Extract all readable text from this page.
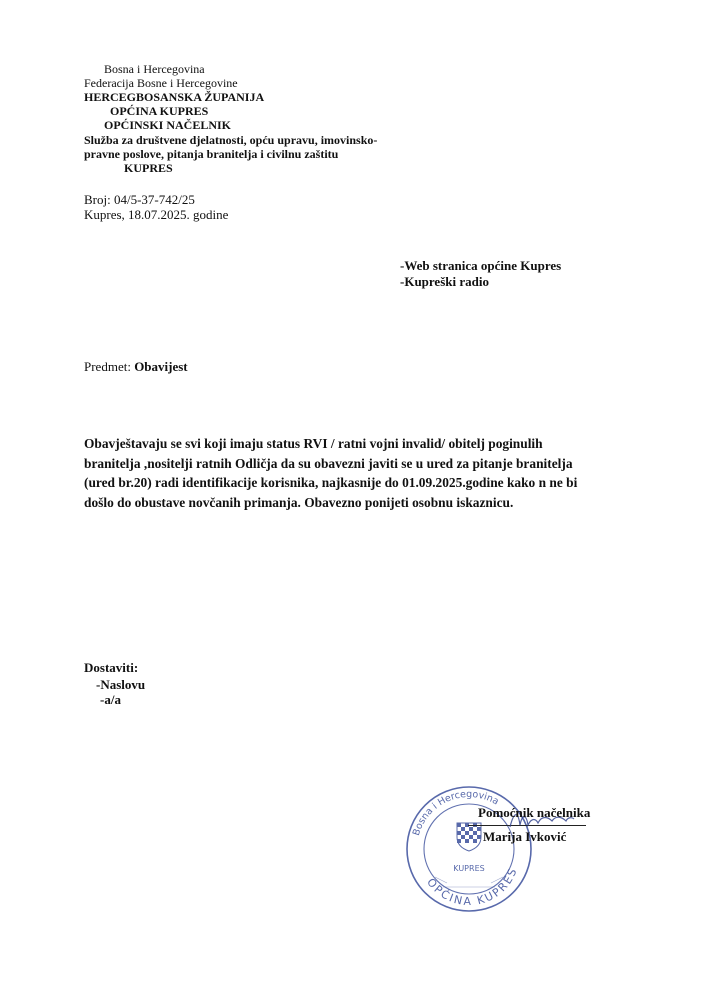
Bosna i Hercegovina
Federacija Bosne i Hercegovine
HERCEGBOSANSKA ŽUPANIJA
OPĆINA KUPRES
OPĆINSKI NAČELNIK
Služba za društvene djelatnosti, opću upravu, imovinsko-
pravne poslove, pitanja branitelja i civilnu zaštitu
KUPRES
Broj: 04/5-37-742/25
Kupres, 18.07.2025. godine
-Web stranica općine Kupres
-Kupreški radio
Predmet: Obavijest
Obavještavaju se svi koji imaju status RVI / ratni vojni invalid/ obitelj poginulih
branitelja ,nositelji ratnih Odličja da su obavezni javiti se u ured za pitanje branitelja
(ured br.20) radi identifikacije korisnika, najkasnije do 01.09.2025.godine kako n ne bi
došlo do obustave novčanih primanja. Obavezno ponijeti osobnu iskaznicu.
Dostaviti:
-Naslovu
-a/a
Bosna i Hercegovina
OPĆINA KUPRES
KUPRES
Pomoćnik načelnika
Marija Ivković
